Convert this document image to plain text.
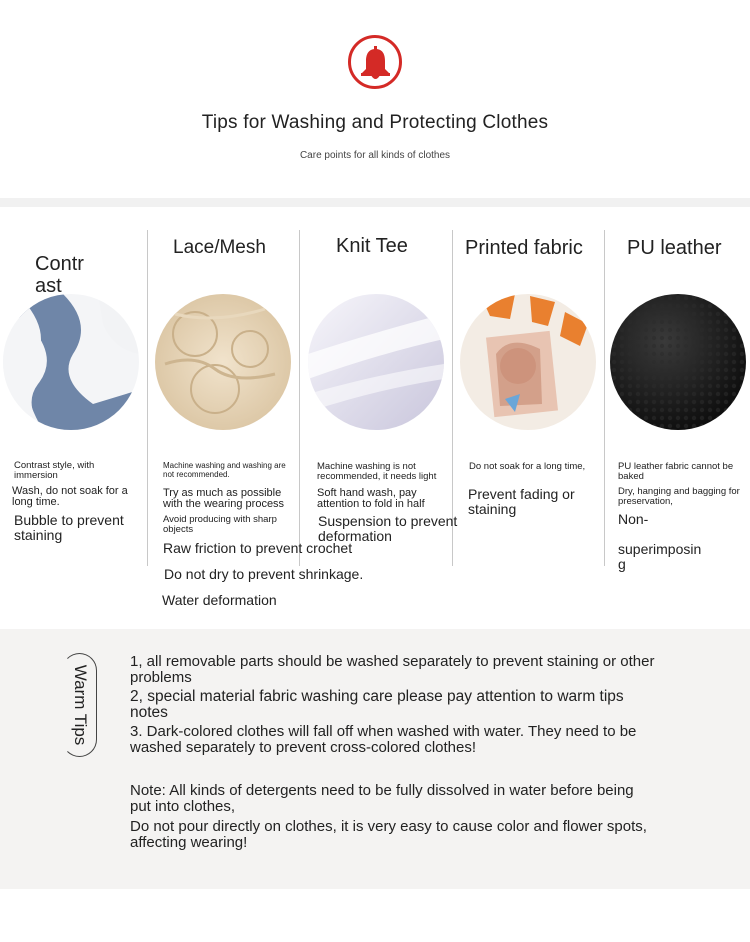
Tips for Washing and Protecting Clothes
Care points for all kinds of clothes
Contr
ast
Contrast style, with immersion
Wash, do not soak for a long time.
Bubble to prevent staining
Lace/Mesh
Machine washing and washing are not recommended.
Try as much as possible with the wearing process
Avoid producing with sharp objects
Raw friction to prevent crochet
Do not dry to prevent shrinkage.
Water deformation
Knit Tee
Machine washing is not recommended, it needs light
Soft hand wash, pay attention to fold in half
Suspension to prevent deformation
Printed fabric
Do not soak for a long time,
Prevent fading or staining
PU leather
PU leather fabric cannot be baked
Dry, hanging and bagging for preservation,
Non-
superimposin
g
Warm Tips
1, all removable parts should be washed separately to prevent staining or other problems
2, special material fabric washing care please pay attention to warm tips notes
3. Dark-colored clothes will fall off when washed with water. They need to be washed separately to prevent cross-colored clothes!
Note: All kinds of detergents need to be fully dissolved in water before being put into clothes,
Do not pour directly on clothes, it is very easy to cause color and flower spots, affecting wearing!
